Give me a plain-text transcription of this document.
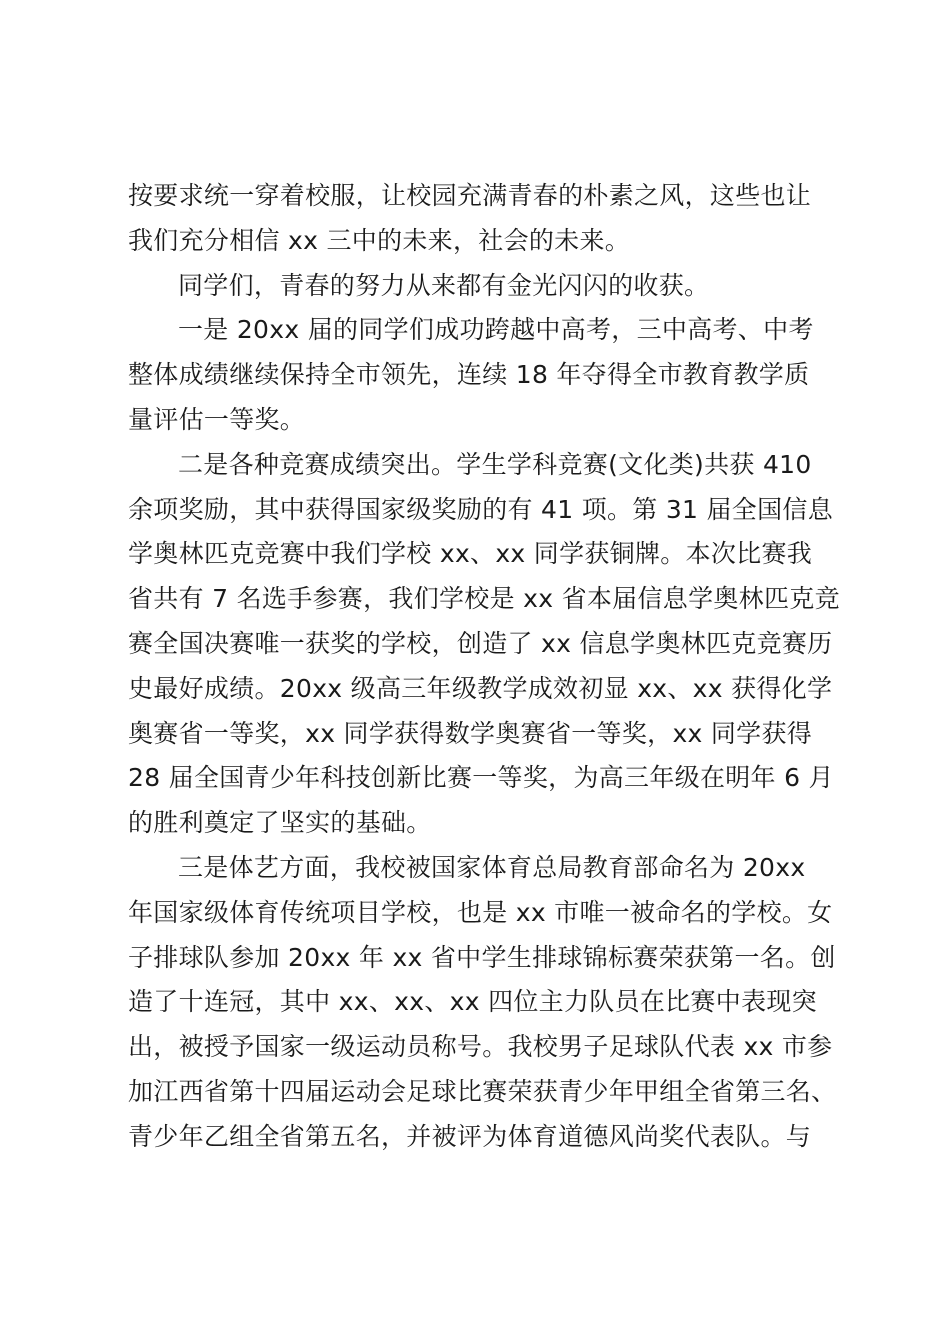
按要求统一穿着校服，让校园充满青春的朴素之风，这些也让
我们充分相信 xx 三中的未来，社会的未来。

同学们，青春的努力从来都有金光闪闪的收获。

一是 20xx 届的同学们成功跨越中高考，三中高考、中考
整体成绩继续保持全市领先，连续 18 年夺得全市教育教学质
量评估一等奖。

二是各种竞赛成绩突出。学生学科竞赛(文化类)共获 410
余项奖励，其中获得国家级奖励的有 41 项。第 31 届全国信息
学奥林匹克竞赛中我们学校 xx、xx 同学获铜牌。本次比赛我
省共有 7 名选手参赛，我们学校是 xx 省本届信息学奥林匹克竞
赛全国决赛唯一获奖的学校，创造了 xx 信息学奥林匹克竞赛历
史最好成绩。20xx 级高三年级教学成效初显 xx、xx 获得化学
奥赛省一等奖，xx 同学获得数学奥赛省一等奖，xx 同学获得
28 届全国青少年科技创新比赛一等奖，为高三年级在明年 6 月
的胜利奠定了坚实的基础。

三是体艺方面，我校被国家体育总局教育部命名为 20xx
年国家级体育传统项目学校，也是 xx 市唯一被命名的学校。女
子排球队参加 20xx 年 xx 省中学生排球锦标赛荣获第一名。创
造了十连冠，其中 xx、xx、xx 四位主力队员在比赛中表现突
出，被授予国家一级运动员称号。我校男子足球队代表 xx 市参
加江西省第十四届运动会足球比赛荣获青少年甲组全省第三名、
青少年乙组全省第五名，并被评为体育道德风尚奖代表队。与
